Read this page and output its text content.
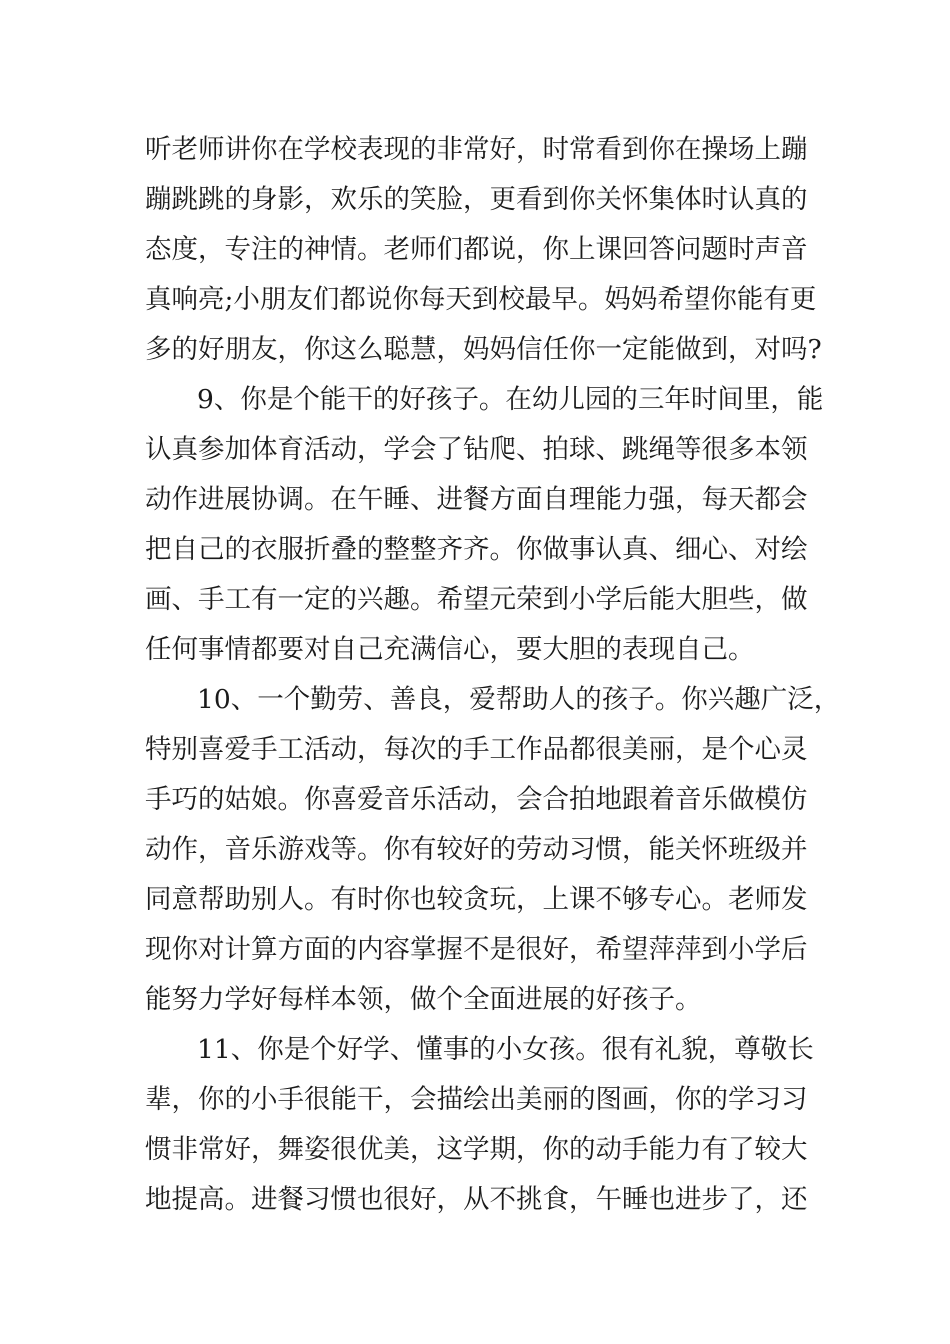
听老师讲你在学校表现的非常好，时常看到你在操场上蹦
蹦跳跳的身影，欢乐的笑脸，更看到你关怀集体时认真的
态度，专注的神情。老师们都说，你上课回答问题时声音
真响亮;小朋友们都说你每天到校最早。妈妈希望你能有更
多的好朋友，你这么聪慧，妈妈信任你一定能做到，对吗?
9、你是个能干的好孩子。在幼儿园的三年时间里，能
认真参加体育活动，学会了钻爬、拍球、跳绳等很多本领
动作进展协调。在午睡、进餐方面自理能力强，每天都会
把自己的衣服折叠的整整齐齐。你做事认真、细心、对绘
画、手工有一定的兴趣。希望元荣到小学后能大胆些，做
任何事情都要对自己充满信心，要大胆的表现自己。
10、一个勤劳、善良，爱帮助人的孩子。你兴趣广泛，
特别喜爱手工活动，每次的手工作品都很美丽，是个心灵
手巧的姑娘。你喜爱音乐活动，会合拍地跟着音乐做模仿
动作，音乐游戏等。你有较好的劳动习惯，能关怀班级并
同意帮助别人。有时你也较贪玩，上课不够专心。老师发
现你对计算方面的内容掌握不是很好，希望萍萍到小学后
能努力学好每样本领，做个全面进展的好孩子。
11、你是个好学、懂事的小女孩。很有礼貌，尊敬长
辈，你的小手很能干，会描绘出美丽的图画，你的学习习
惯非常好，舞姿很优美，这学期，你的动手能力有了较大
地提高。进餐习惯也很好，从不挑食，午睡也进步了，还
